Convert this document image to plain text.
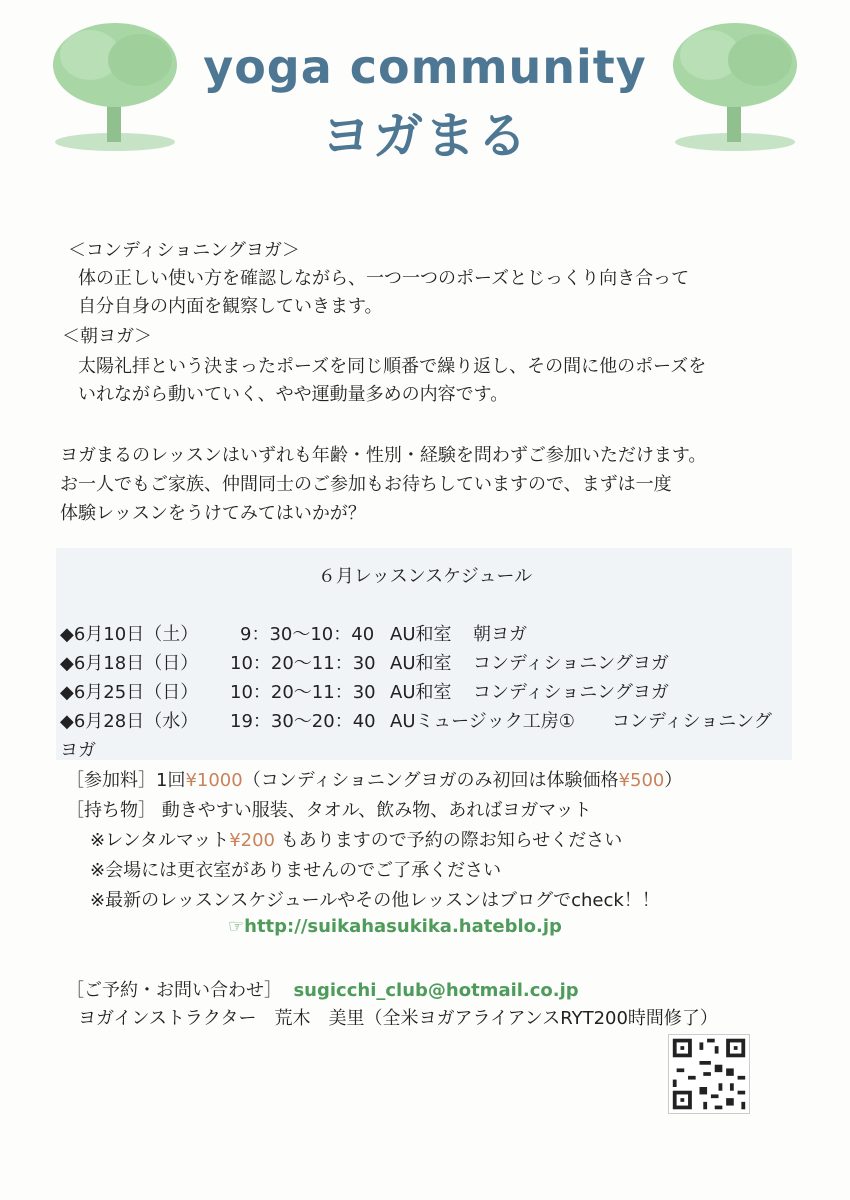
yoga community
ヨガまる
＜コンディショニングヨガ＞
体の正しい使い方を確認しながら、一つ一つのポーズとじっくり向き合って
自分自身の内面を観察していきます。
＜朝ヨガ＞
太陽礼拝という決まったポーズを同じ順番で繰り返し、その間に他のポーズを
いれながら動いていく、やや運動量多めの内容です。
ヨガまるのレッスンはいずれも年齢・性別・経験を問わずご参加いただけます。
お一人でもご家族、仲間同士のご参加もお待ちしていますので、まずは一度
体験レッスンをうけてみてはいかが？
６月レッスンスケジュール
◆6月10日（土） 9：30～10：40 AU和室 朝ヨガ
◆6月18日（日） 10：20～11：30 AU和室 コンディショニングヨガ
◆6月25日（日） 10：20～11：30 AU和室 コンディショニングヨガ
◆6月28日（水） 19：30～20：40 AUミュージック工房① コンディショニング
ヨガ
［参加料］1回¥1000（コンディショニングヨガのみ初回は体験価格¥500）
［持ち物］ 動きやすい服装、タオル、飲み物、あればヨガマット
※レンタルマット¥200 もありますので予約の際お知らせください
※会場には更衣室がありませんのでご了承ください
※最新のレッスンスケジュールやその他レッスンはブログでcheck！！
☞http://suikahasukika.hateblo.jp
［ご予約・お問い合わせ］ sugicchi_club@hotmail.co.jp
ヨガインストラクター　荒木　美里（全米ヨガアライアンスRYT200時間修了）
